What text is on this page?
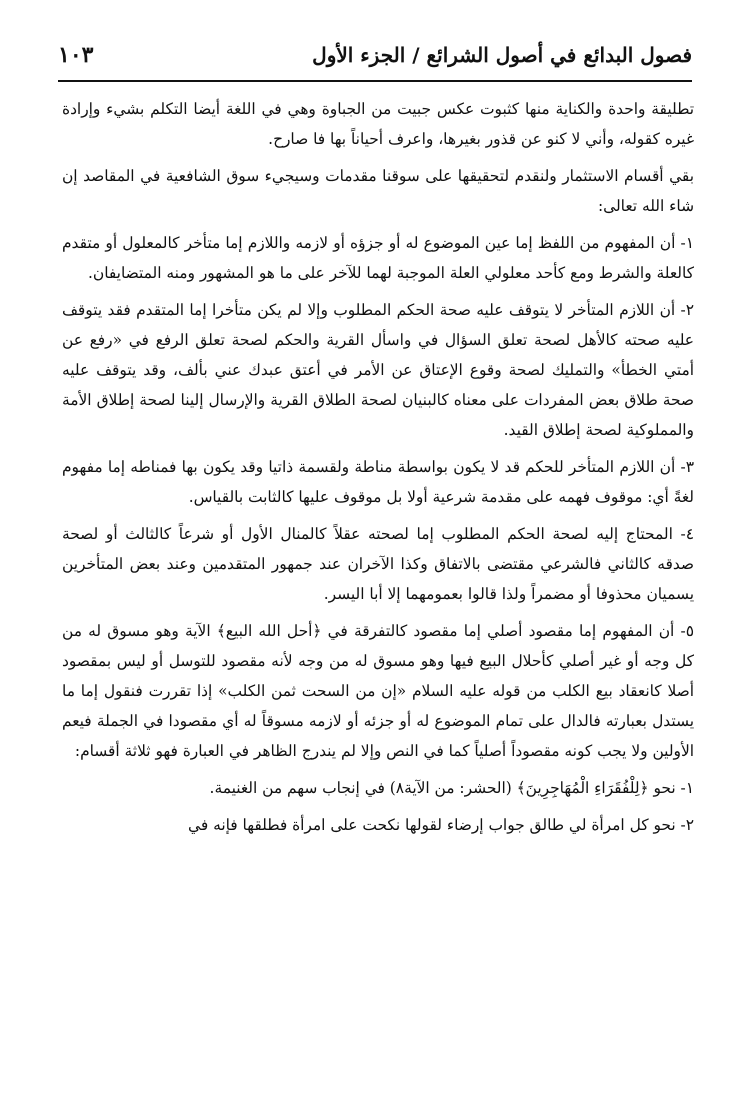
فصول البدائع في أصول الشرائع / الجزء الأول
١٠٣

تطليقة واحدة والكناية منها كثبوت عكس جبيت من الجباوة وهي في اللغة أيضا التكلم بشيء وإرادة غيره كقوله، وأني لا كنو عن قذور بغيرها، واعرف أحياناً بها فا صارح.

بقي أقسام الاستثمار ولنقدم لتحقيقها على سوقنا مقدمات وسيجيء سوق الشافعية في المقاصد إن شاء الله تعالى:

١- أن المفهوم من اللفظ إما عين الموضوع له أو جزؤه أو لازمه واللازم إما متأخر كالمعلول أو متقدم كالعلة والشرط ومع كأحد معلولي العلة الموجبة لهما للآخر على ما هو المشهور ومنه المتضايفان.

٢- أن اللازم المتأخر لا يتوقف عليه صحة الحكم المطلوب وإلا لم يكن متأخرا إما المتقدم فقد يتوقف عليه صحته كالأهل لصحة تعلق السؤال في واسأل القرية والحكم لصحة تعلق الرفع في «رفع عن أمتي الخطأ» والتمليك لصحة وقوع الإعتاق عن الأمر في أعتق عبدك عني بألف، وقد يتوقف عليه صحة طلاق بعض المفردات على معناه كالبنيان لصحة الطلاق القرية والإرسال إلينا لصحة إطلاق الأمة والمملوكية لصحة إطلاق القيد.

٣- أن اللازم المتأخر للحكم قد لا يكون بواسطة مناطة ولقسمة ذاتيا وقد يكون بها فمناطه إما مفهوم لغةً أي: موقوف فهمه على مقدمة شرعية أولا بل موقوف عليها كالثابت بالقياس.

٤- المحتاج إليه لصحة الحكم المطلوب إما لصحته عقلاً كالمنال الأول أو شرعاً كالثالث أو لصحة صدقه كالثاني فالشرعي مقتضى بالاتفاق وكذا الآخران عند جمهور المتقدمين وعند بعض المتأخرين يسميان محذوفا أو مضمراً ولذا قالوا بعمومهما إلا أبا اليسر.

٥- أن المفهوم إما مقصود أصلي إما مقصود كالتفرقة في ﴿أحل الله البيع﴾ الآية وهو مسوق له من كل وجه أو غير أصلي كأحلال البيع فيها وهو مسوق له من وجه لأنه مقصود للتوسل أو ليس بمقصود أصلا كانعقاد بيع الكلب من قوله عليه السلام «إن من السحت ثمن الكلب» إذا تقررت فنقول إما ما يستدل بعبارته فالدال على تمام الموضوع له أو جزئه أو لازمه مسوقاً له أي مقصودا في الجملة فيعم الأولين ولا يجب كونه مقصوداً أصلياً كما في النص وإلا لم يندرج الظاهر في العبارة فهو ثلاثة أقسام:

١- نحو ﴿لِلْفُقَرَاءِ الْمُهَاجِرِينَ﴾ (الحشر: من الآية٨) في إنجاب سهم من الغنيمة.

٢- نحو كل امرأة لي طالق جواب إرضاء لقولها نكحت على امرأة فطلقها فإنه في
